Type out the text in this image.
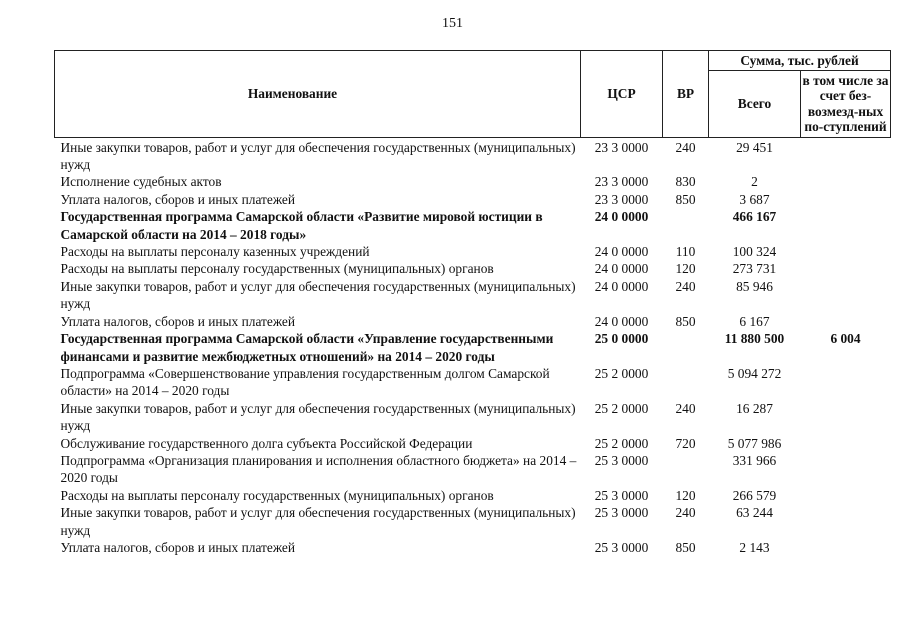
151
Наименование	ЦСР	ВР	Сумма, тыс. рублей	
			Всего	в том числе за счет без-возмезд-ных по-ступлений
Иные закупки товаров, работ и услуг для обеспечения государственных (муниципальных) нужд	23 3 0000	240	29 451	
Исполнение судебных актов	23 3 0000	830	2	
Уплата налогов, сборов и иных платежей	23 3 0000	850	3 687	
Государственная программа Самарской области «Развитие мировой юстиции в Самарской области на 2014 – 2018 годы»	24 0 0000		466 167	
Расходы на выплаты персоналу казенных учреждений	24 0 0000	110	100 324	
Расходы на выплаты персоналу государственных (муниципальных) органов	24 0 0000	120	273 731	
Иные закупки товаров, работ и услуг для обеспечения государственных (муниципальных) нужд	24 0 0000	240	85 946	
Уплата налогов, сборов и иных платежей	24 0 0000	850	6 167	
Государственная программа Самарской области «Управление государственными финансами и развитие межбюджетных отношений» на 2014 – 2020 годы	25 0 0000		11 880 500	6 004
Подпрограмма «Совершенствование управления государственным долгом Самарской области» на 2014 – 2020 годы	25 2 0000		5 094 272	
Иные закупки товаров, работ и услуг для обеспечения государственных (муниципальных) нужд	25 2 0000	240	16 287	
Обслуживание государственного долга субъекта Российской Федерации	25 2 0000	720	5 077 986	
Подпрограмма «Организация планирования и исполнения областного бюджета» на 2014 – 2020 годы	25 3 0000		331 966	
Расходы на выплаты персоналу государственных (муниципальных) органов	25 3 0000	120	266 579	
Иные закупки товаров, работ и услуг для обеспечения государственных (муниципальных) нужд	25 3 0000	240	63 244	
Уплата налогов, сборов и иных платежей	25 3 0000	850	2 143	
